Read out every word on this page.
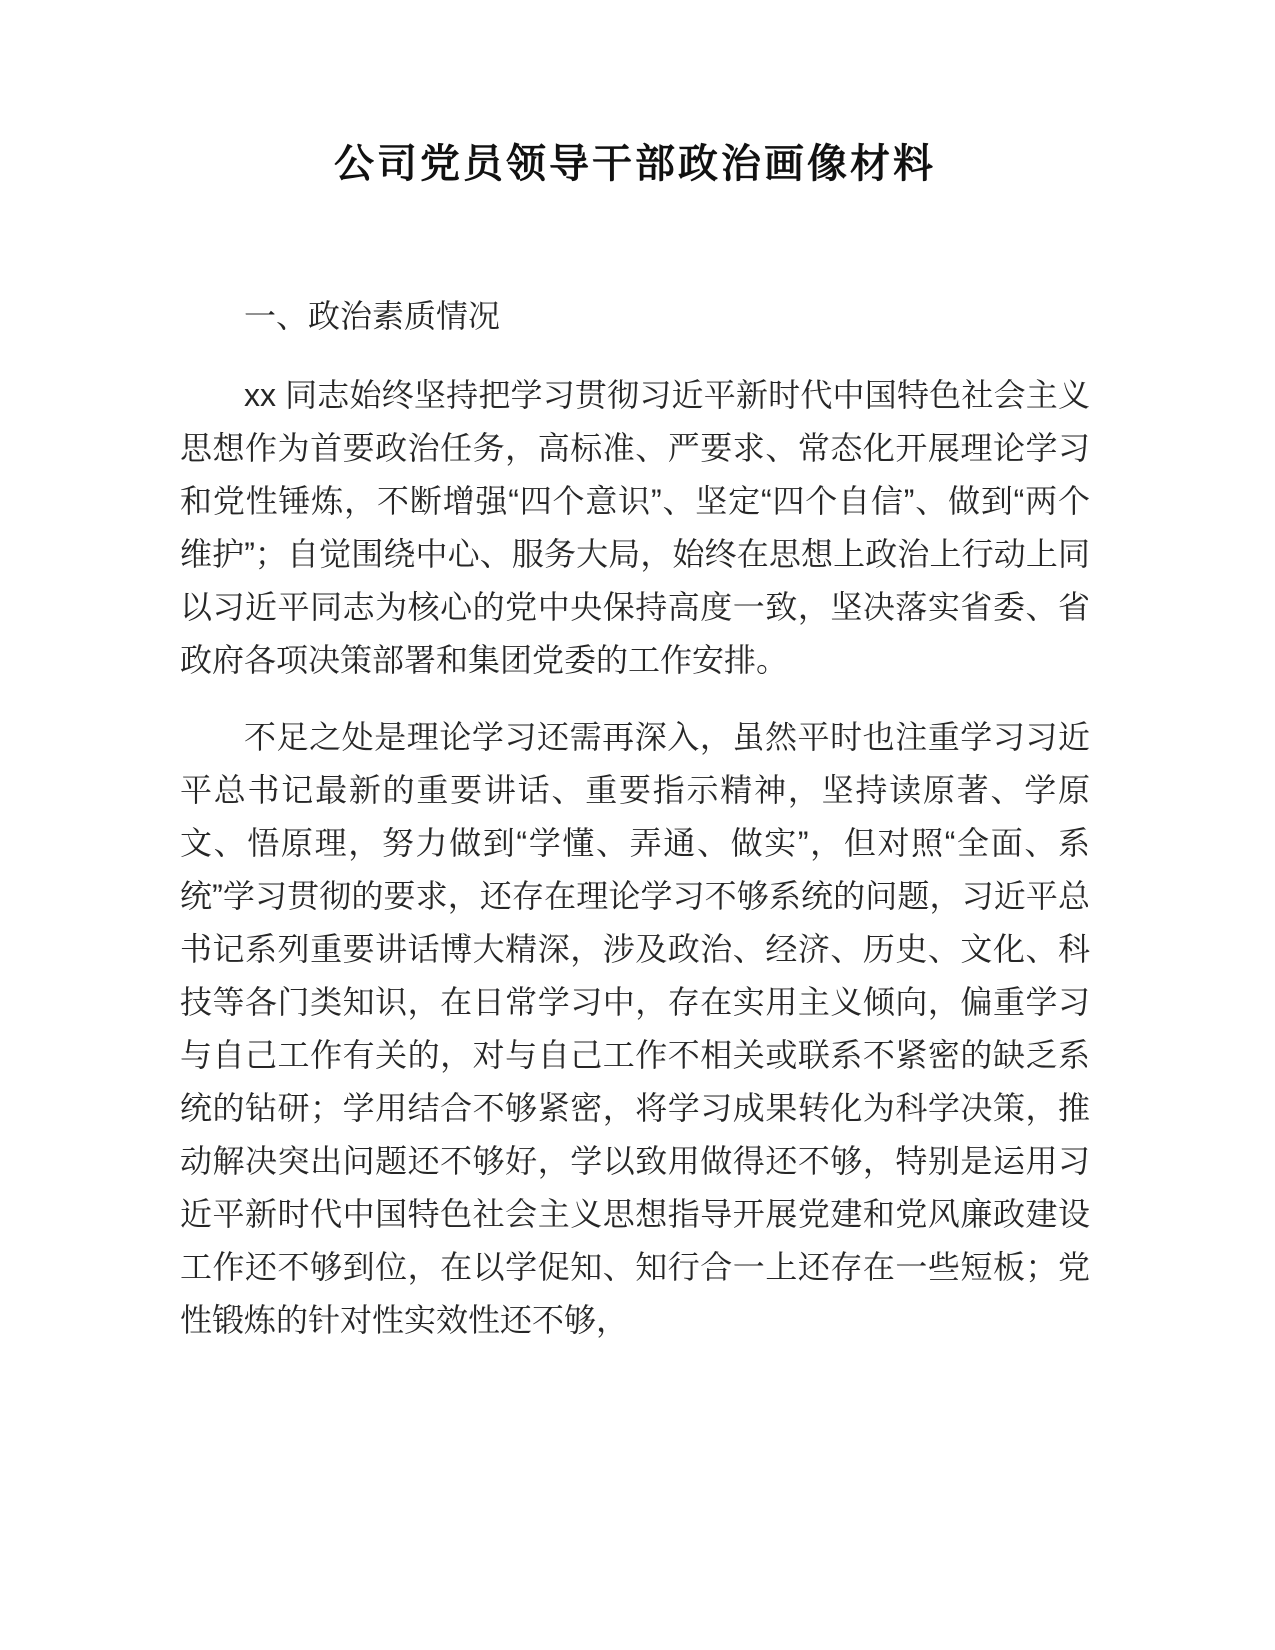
公司党员领导干部政治画像材料

一、政治素质情况

xx 同志始终坚持把学习贯彻习近平新时代中国特色社会主义思想作为首要政治任务，高标准、严要求、常态化开展理论学习和党性锤炼，不断增强“四个意识”、坚定“四个自信”、做到“两个维护”；自觉围绕中心、服务大局，始终在思想上政治上行动上同以习近平同志为核心的党中央保持高度一致，坚决落实省委、省政府各项决策部署和集团党委的工作安排。

不足之处是理论学习还需再深入，虽然平时也注重学习习近平总书记最新的重要讲话、重要指示精神，坚持读原著、学原文、悟原理，努力做到“学懂、弄通、做实”，但对照“全面、系统”学习贯彻的要求，还存在理论学习不够系统的问题，习近平总书记系列重要讲话博大精深，涉及政治、经济、历史、文化、科技等各门类知识，在日常学习中，存在实用主义倾向，偏重学习与自己工作有关的，对与自己工作不相关或联系不紧密的缺乏系统的钻研；学用结合不够紧密，将学习成果转化为科学决策，推动解决突出问题还不够好，学以致用做得还不够，特别是运用习近平新时代中国特色社会主义思想指导开展党建和党风廉政建设工作还不够到位，在以学促知、知行合一上还存在一些短板；党性锻炼的针对性实效性还不够，
